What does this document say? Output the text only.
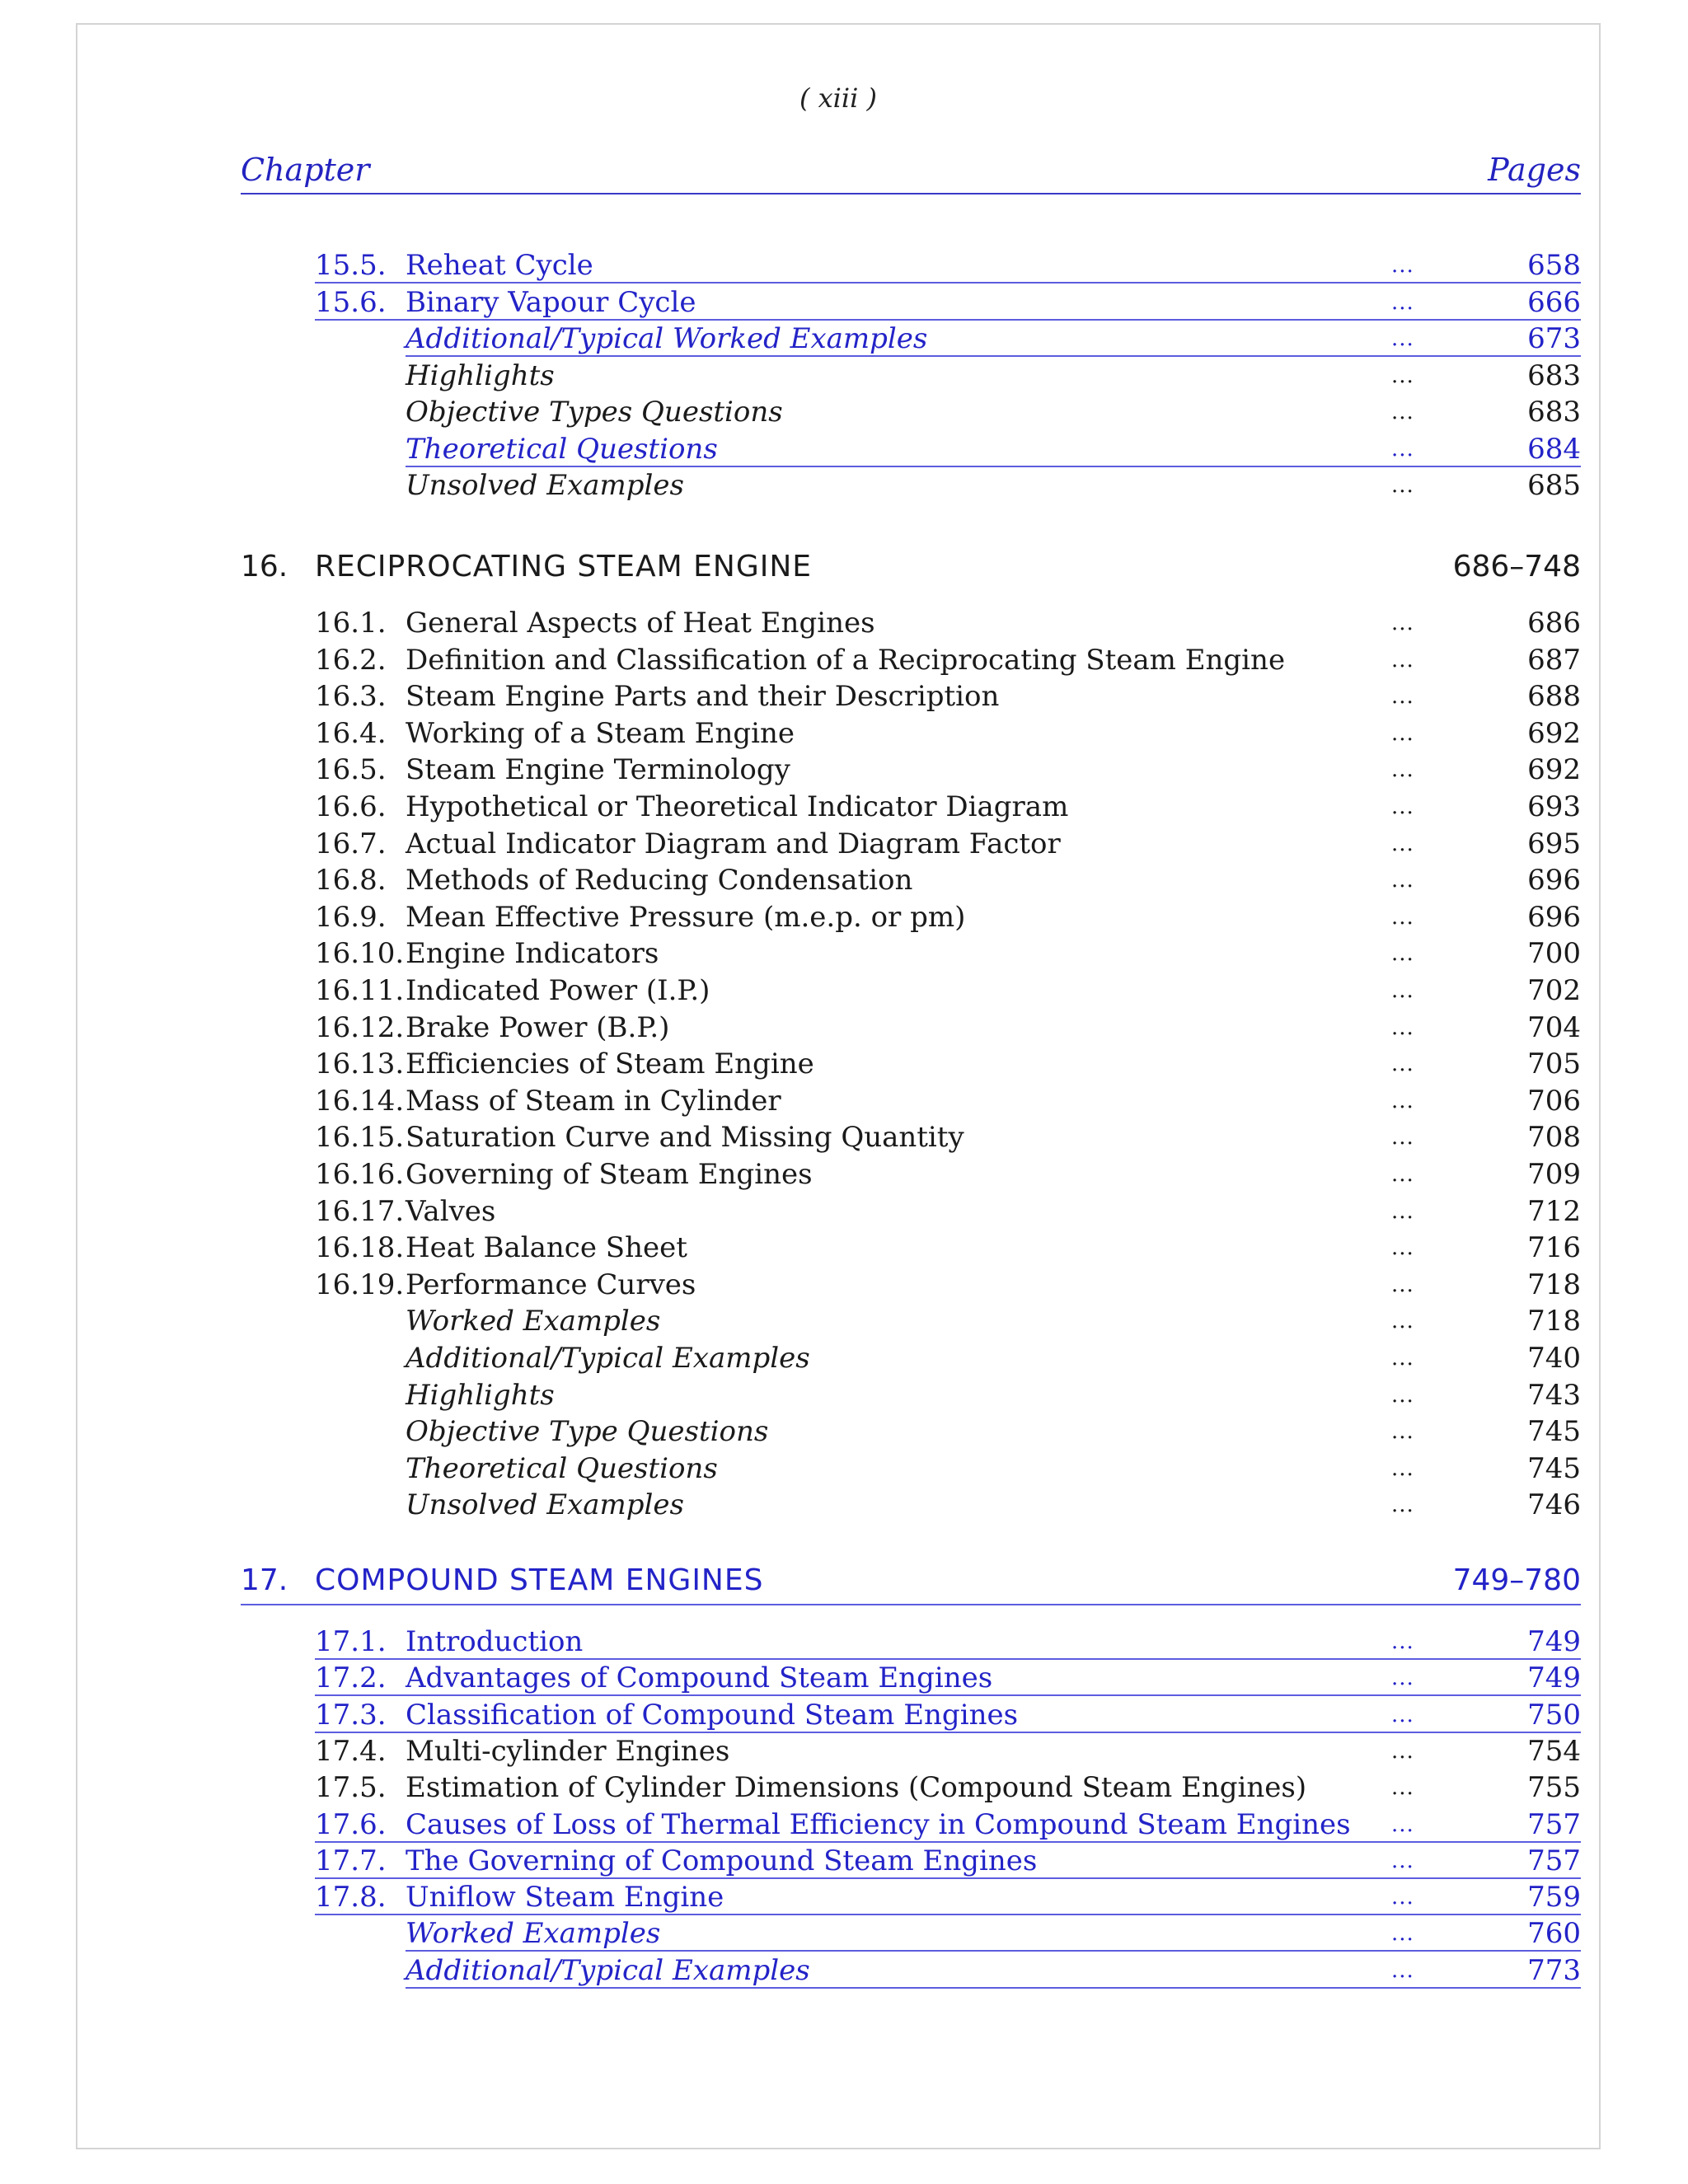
( xiii )
Chapter	Pages
15.5. Reheat Cycle	...	658
15.6. Binary Vapour Cycle	...	666
Additional/Typical Worked Examples	...	673
Highlights	...	683
Objective Types Questions	...	683
Theoretical Questions	...	684
Unsolved Examples	...	685
16. RECIPROCATING STEAM ENGINE	686–748
16.1. General Aspects of Heat Engines	...	686
16.2. Definition and Classification of a Reciprocating Steam Engine	...	687
16.3. Steam Engine Parts and their Description	...	688
16.4. Working of a Steam Engine	...	692
16.5. Steam Engine Terminology	...	692
16.6. Hypothetical or Theoretical Indicator Diagram	...	693
16.7. Actual Indicator Diagram and Diagram Factor	...	695
16.8. Methods of Reducing Condensation	...	696
16.9. Mean Effective Pressure (m.e.p. or pm)	...	696
16.10. Engine Indicators	...	700
16.11. Indicated Power (I.P.)	...	702
16.12. Brake Power (B.P.)	...	704
16.13. Efficiencies of Steam Engine	...	705
16.14. Mass of Steam in Cylinder	...	706
16.15. Saturation Curve and Missing Quantity	...	708
16.16. Governing of Steam Engines	...	709
16.17. Valves	...	712
16.18. Heat Balance Sheet	...	716
16.19. Performance Curves	...	718
Worked Examples	...	718
Additional/Typical Examples	...	740
Highlights	...	743
Objective Type Questions	...	745
Theoretical Questions	...	745
Unsolved Examples	...	746
17. COMPOUND STEAM ENGINES	749–780
17.1. Introduction	...	749
17.2. Advantages of Compound Steam Engines	...	749
17.3. Classification of Compound Steam Engines	...	750
17.4. Multi-cylinder Engines	...	754
17.5. Estimation of Cylinder Dimensions (Compound Steam Engines)	...	755
17.6. Causes of Loss of Thermal Efficiency in Compound Steam Engines ...	757
17.7. The Governing of Compound Steam Engines	...	757
17.8. Uniflow Steam Engine	...	759
Worked Examples	...	760
Additional/Typical Examples	...	773
